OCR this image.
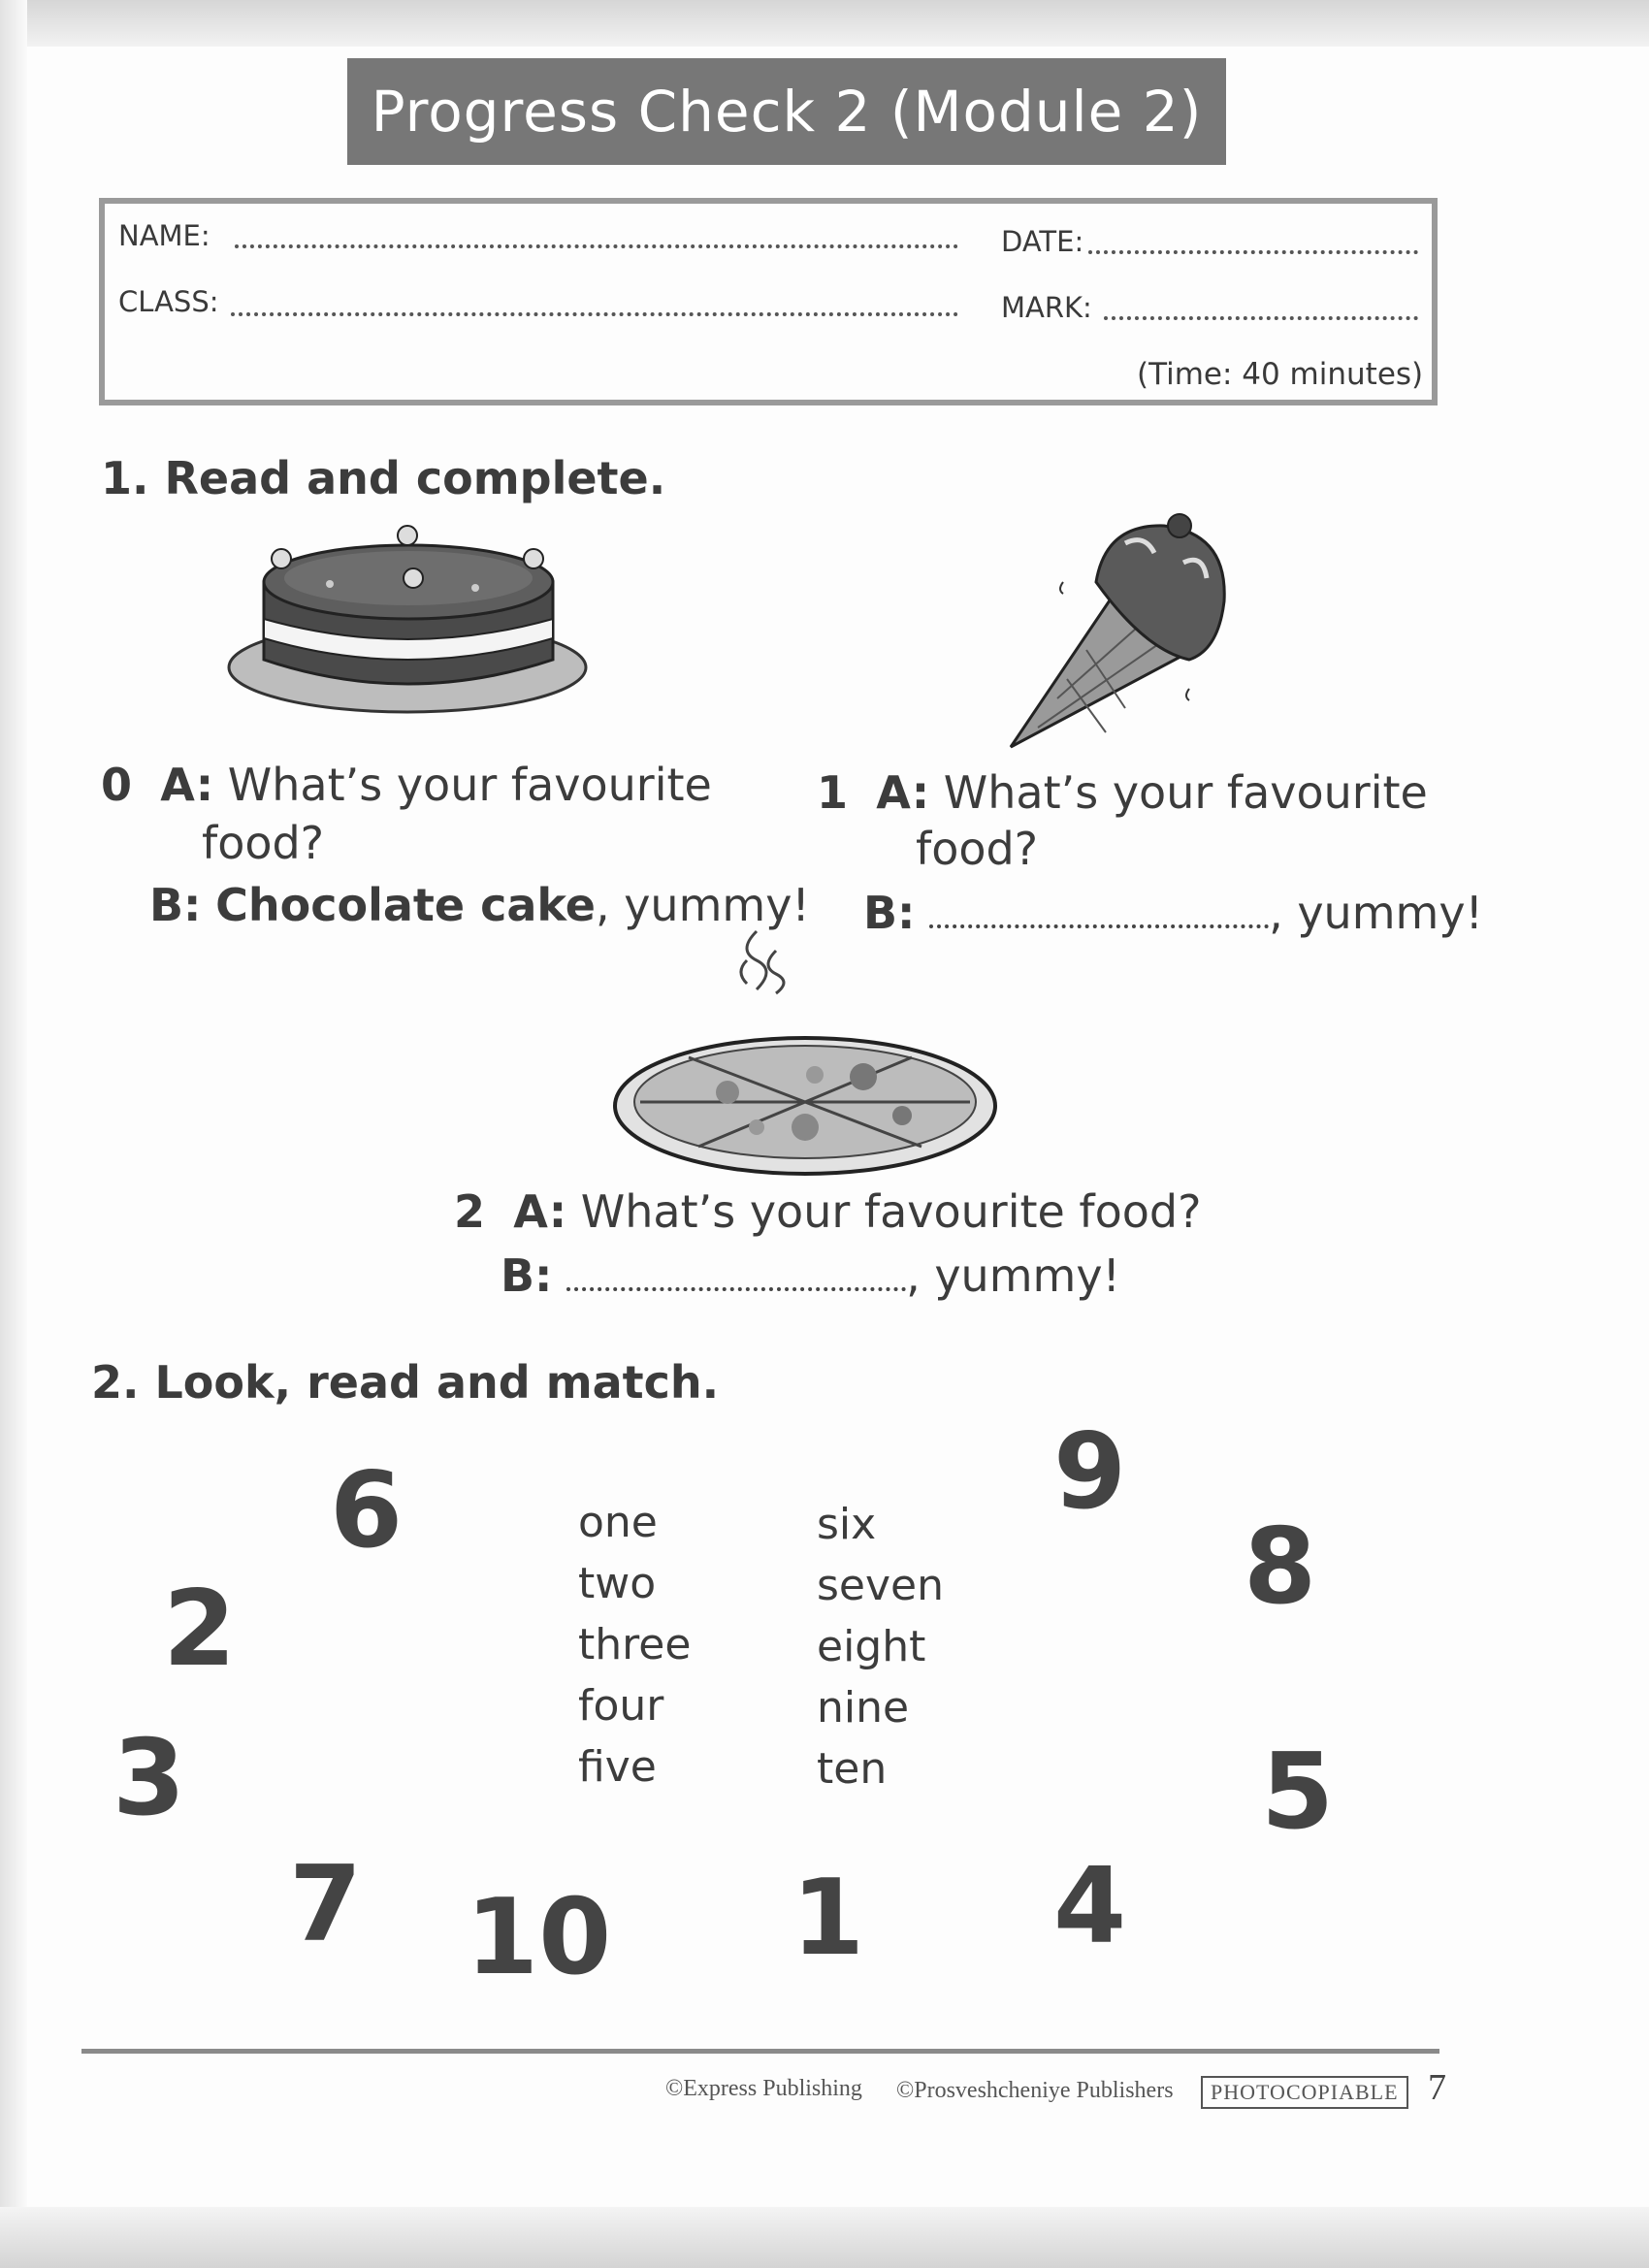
Progress Check 2 (Module 2)
NAME:	DATE:
CLASS:	MARK:
(Time: 40 minutes)
1. Read and complete.
0 A: What’s your favourite
food?
B: Chocolate cake, yummy!
1 A: What’s your favourite
food?
B:	, yummy!
2 A: What’s your favourite food?
B:	, yummy!
2. Look, read and match.
one
two
three
four
five
six
seven
eight
nine
ten
6
2
3
7 10 1 4
9
8
5
©Express Publishing ©Prosveshcheniye Publishers	PHOTOCOPIABLE 7
